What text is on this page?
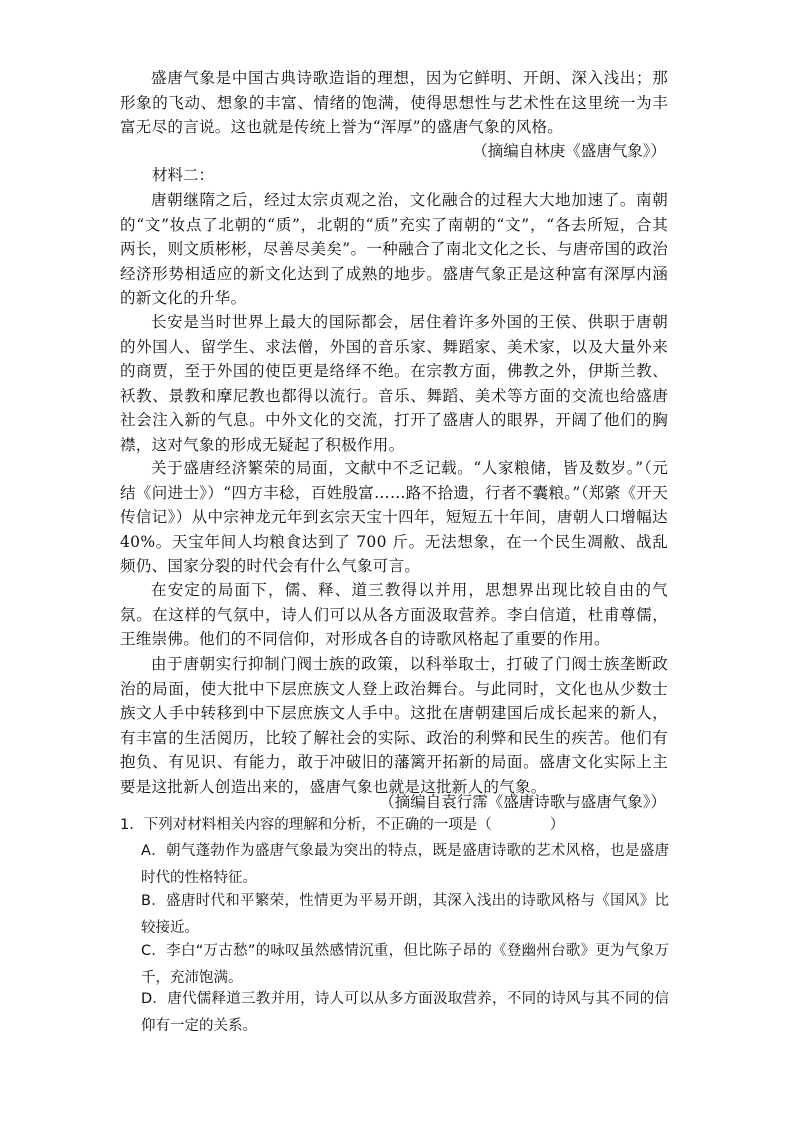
盛唐气象是中国古典诗歌造诣的理想，因为它鲜明、开朗、深入浅出；那形象的飞动、想象的丰富、情绪的饱满，使得思想性与艺术性在这里统一为丰富无尽的言说。这也就是传统上誉为“浑厚”的盛唐气象的风格。

（摘编自林庚《盛唐气象》）

材料二：

唐朝继隋之后，经过太宗贞观之治，文化融合的过程大大地加速了。南朝的“文”妆点了北朝的“质”，北朝的“质”充实了南朝的“文”，“各去所短，合其两长，则文质彬彬，尽善尽美矣”。一种融合了南北文化之长、与唐帝国的政治经济形势相适应的新文化达到了成熟的地步。盛唐气象正是这种富有深厚内涵的新文化的升华。

长安是当时世界上最大的国际都会，居住着许多外国的王侯、供职于唐朝的外国人、留学生、求法僧，外国的音乐家、舞蹈家、美术家，以及大量外来的商贾，至于外国的使臣更是络绎不绝。在宗教方面，佛教之外，伊斯兰教、袄教、景教和摩尼教也都得以流行。音乐、舞蹈、美术等方面的交流也给盛唐社会注入新的气息。中外文化的交流，打开了盛唐人的眼界，开阔了他们的胸襟，这对气象的形成无疑起了积极作用。

关于盛唐经济繁荣的局面，文献中不乏记载。“人家粮储，皆及数岁。”（元结《问进士》）“四方丰稔，百姓殷富……路不拾遗，行者不囊粮。”（郑綮《开天传信记》）从中宗神龙元年到玄宗天宝十四年，短短五十年间，唐朝人口增幅达 40%。天宝年间人均粮食达到了 700 斤。无法想象，在一个民生凋敝、战乱频仍、国家分裂的时代会有什么气象可言。

在安定的局面下，儒、释、道三教得以并用，思想界出现比较自由的气氛。在这样的气氛中，诗人们可以从各方面汲取营养。李白信道，杜甫尊儒，王维崇佛。他们的不同信仰，对形成各自的诗歌风格起了重要的作用。

由于唐朝实行抑制门阀士族的政策，以科举取士，打破了门阀士族垄断政治的局面，使大批中下层庶族文人登上政治舞台。与此同时，文化也从少数士族文人手中转移到中下层庶族文人手中。这批在唐朝建国后成长起来的新人，有丰富的生活阅历，比较了解社会的实际、政治的利弊和民生的疾苦。他们有抱负、有见识、有能力，敢于冲破旧的藩篱开拓新的局面。盛唐文化实际上主要是这批新人创造出来的，盛唐气象也就是这批新人的气象。

（摘编自袁行霈《盛唐诗歌与盛唐气象》）

1．下列对材料相关内容的理解和分析，不正确的一项是（　　　　）

A．朝气蓬勃作为盛唐气象最为突出的特点，既是盛唐诗歌的艺术风格，也是盛唐时代的性格特征。

B．盛唐时代和平繁荣，性情更为平易开朗，其深入浅出的诗歌风格与《国风》比较接近。

C．李白“万古愁”的咏叹虽然感情沉重，但比陈子昂的《登幽州台歌》更为气象万千，充沛饱满。

D．唐代儒释道三教并用，诗人可以从多方面汲取营养，不同的诗风与其不同的信仰有一定的关系。
